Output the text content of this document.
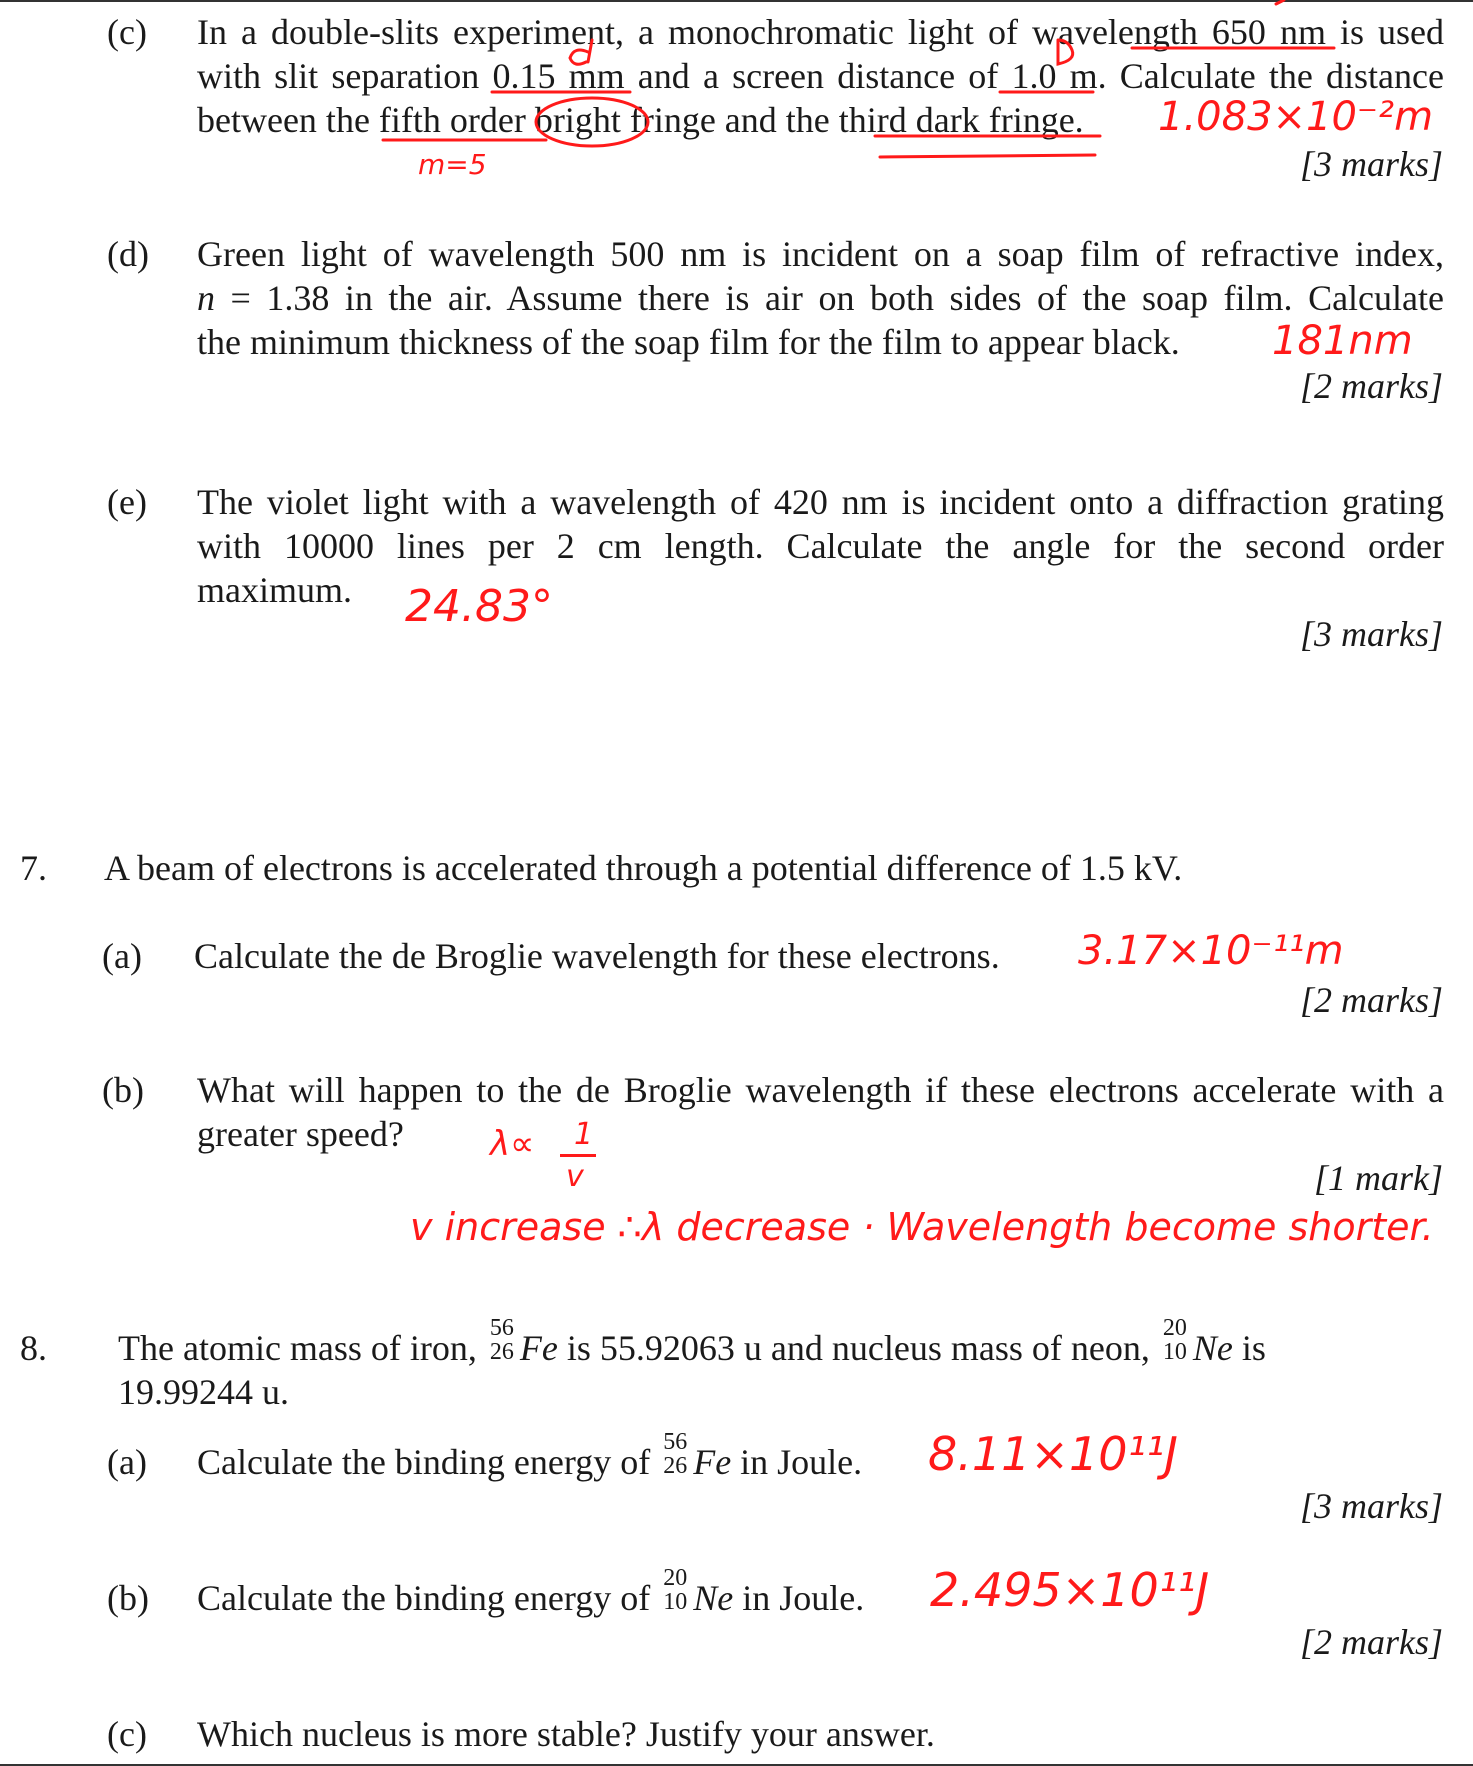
(c) In a double-slits experiment, a monochromatic light of wavelength 650 nm is used
with slit separation 0.15 mm and a screen distance of 1.0 m. Calculate the distance
between the fifth order bright fringe and the third dark fringe.
[3 marks]
1.083×10⁻²m
m=5
(d) Green light of wavelength 500 nm is incident on a soap film of refractive index,
n = 1.38 in the air. Assume there is air on both sides of the soap film. Calculate
the minimum thickness of the soap film for the film to appear black.
[2 marks]
181nm
(e) The violet light with a wavelength of 420 nm is incident onto a diffraction grating
with 10000 lines per 2 cm length. Calculate the angle for the second order
maximum. 24.83°
[3 marks]
7. A beam of electrons is accelerated through a potential difference of 1.5 kV.
(a) Calculate the de Broglie wavelength for these electrons. 3.17×10⁻¹¹m
[2 marks]
(b) What will happen to the de Broglie wavelength if these electrons accelerate with a
greater speed?	λ∝ 1
v	[1 mark]
v increase ∴λ decrease · Wavelength become shorter.
8. The atomic mass of iron, 56
26 Fe is 55.92063 u and nucleus mass of neon, 20
10 Ne is
19.99244 u.
(a) Calculate the binding energy of 56
26 Fe in Joule. 8.11×10¹¹J
[3 marks]
(b) Calculate the binding energy of 20
10 Ne in Joule. 2.495×10¹¹J
[2 marks]
(c) Which nucleus is more stable? Justify your answer.
